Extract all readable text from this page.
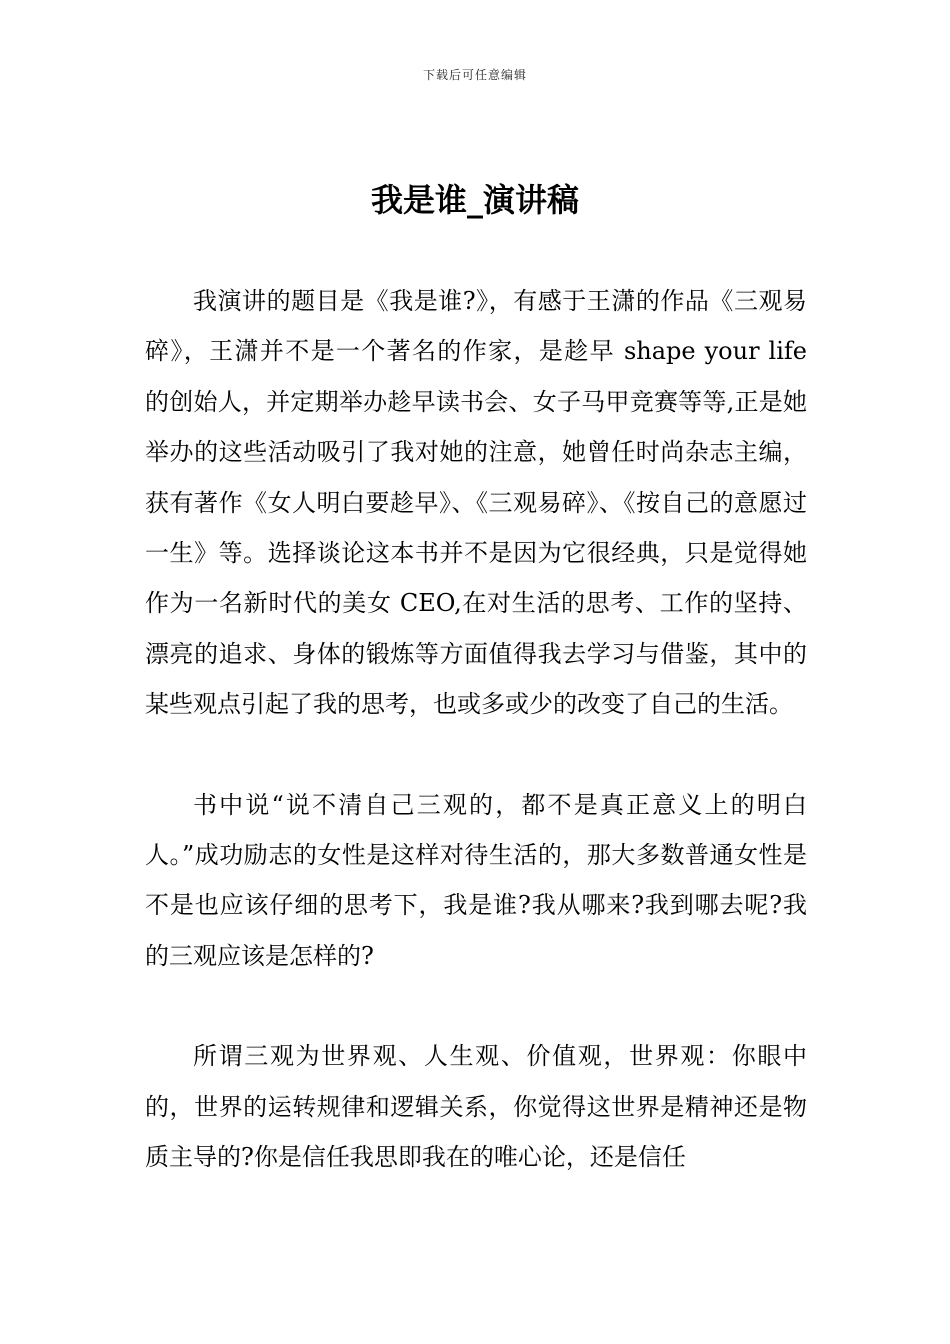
下载后可任意编辑
我是谁_演讲稿

我演讲的题目是《我是谁?》，有感于王潇的作品《三观易碎》，王潇并不是一个著名的作家，是趁早 shape your life 的创始人，并定期举办趁早读书会、女子马甲竞赛等等,正是她举办的这些活动吸引了我对她的注意，她曾任时尚杂志主编，获有著作《女人明白要趁早》、《三观易碎》、《按自己的意愿过一生》等。选择谈论这本书并不是因为它很经典，只是觉得她作为一名新时代的美女 CEO,在对生活的思考、工作的坚持、漂亮的追求、身体的锻炼等方面值得我去学习与借鉴，其中的某些观点引起了我的思考，也或多或少的改变了自己的生活。

书中说“说不清自己三观的，都不是真正意义上的明白人。”成功励志的女性是这样对待生活的，那大多数普通女性是不是也应该仔细的思考下，我是谁?我从哪来?我到哪去呢?我的三观应该是怎样的?

所谓三观为世界观、人生观、价值观，世界观：你眼中的，世界的运转规律和逻辑关系，你觉得这世界是精神还是物质主导的?你是信任我思即我在的唯心论，还是信任
